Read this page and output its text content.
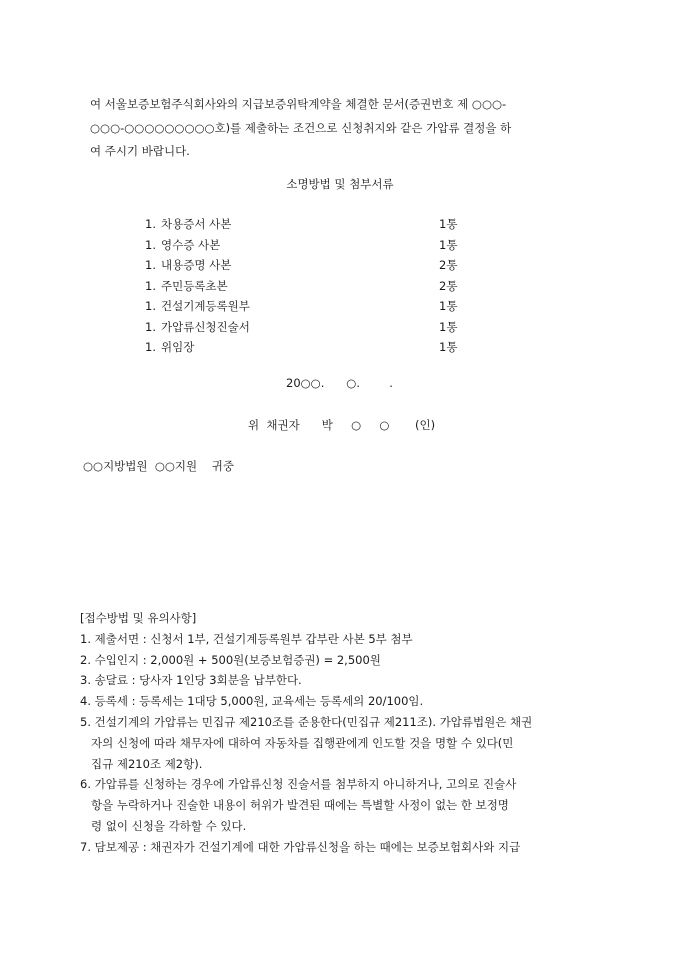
여 서울보증보험주식회사와의 지급보증위탁계약을 체결한 문서(증권번호 제 ○○○-
○○○-○○○○○○○○○호)를 제출하는 조건으로 신청취지와 같은 가압류 결정을 하
여 주시기 바랍니다.
소명방법 및 첨부서류
1. 차용증서 사본	1통
1. 영수증 사본	1통
1. 내용증명 사본	2통
1. 주민등록초본	2통
1. 건설기계등록원부	1통
1. 가압류신청진술서	1통
1. 위임장	1통
20○○.      ○.        .
위  채권자      박     ○     ○       (인)
○○지방법원  ○○지원    귀중
[접수방법 및 유의사항]
1. 제출서면 : 신청서 1부, 건설기계등록원부 갑부란 사본 5부 첨부
2. 수입인지 : 2,000원 + 500원(보증보험증권) = 2,500원
3. 송달료 : 당사자 1인당 3회분을 납부한다.
4. 등록세 : 등록세는 1대당 5,000원, 교육세는 등록세의 20/100임.
5. 건설기계의 가압류는 민집규 제210조를 준용한다(민집규 제211조). 가압류법원은 채권
자의 신청에 따라 채무자에 대하여 자동차를 집행관에게 인도할 것을 명할 수 있다(민
집규 제210조 제2항).
6. 가압류를 신청하는 경우에 가압류신청 진술서를 첨부하지 아니하거나, 고의로 진술사
항을 누락하거나 진술한 내용이 허위가 발견된 때에는 특별할 사정이 없는 한 보정명
령 없이 신청을 각하할 수 있다.
7. 담보제공 : 채권자가 건설기계에 대한 가압류신청을 하는 때에는 보증보험회사와 지급
